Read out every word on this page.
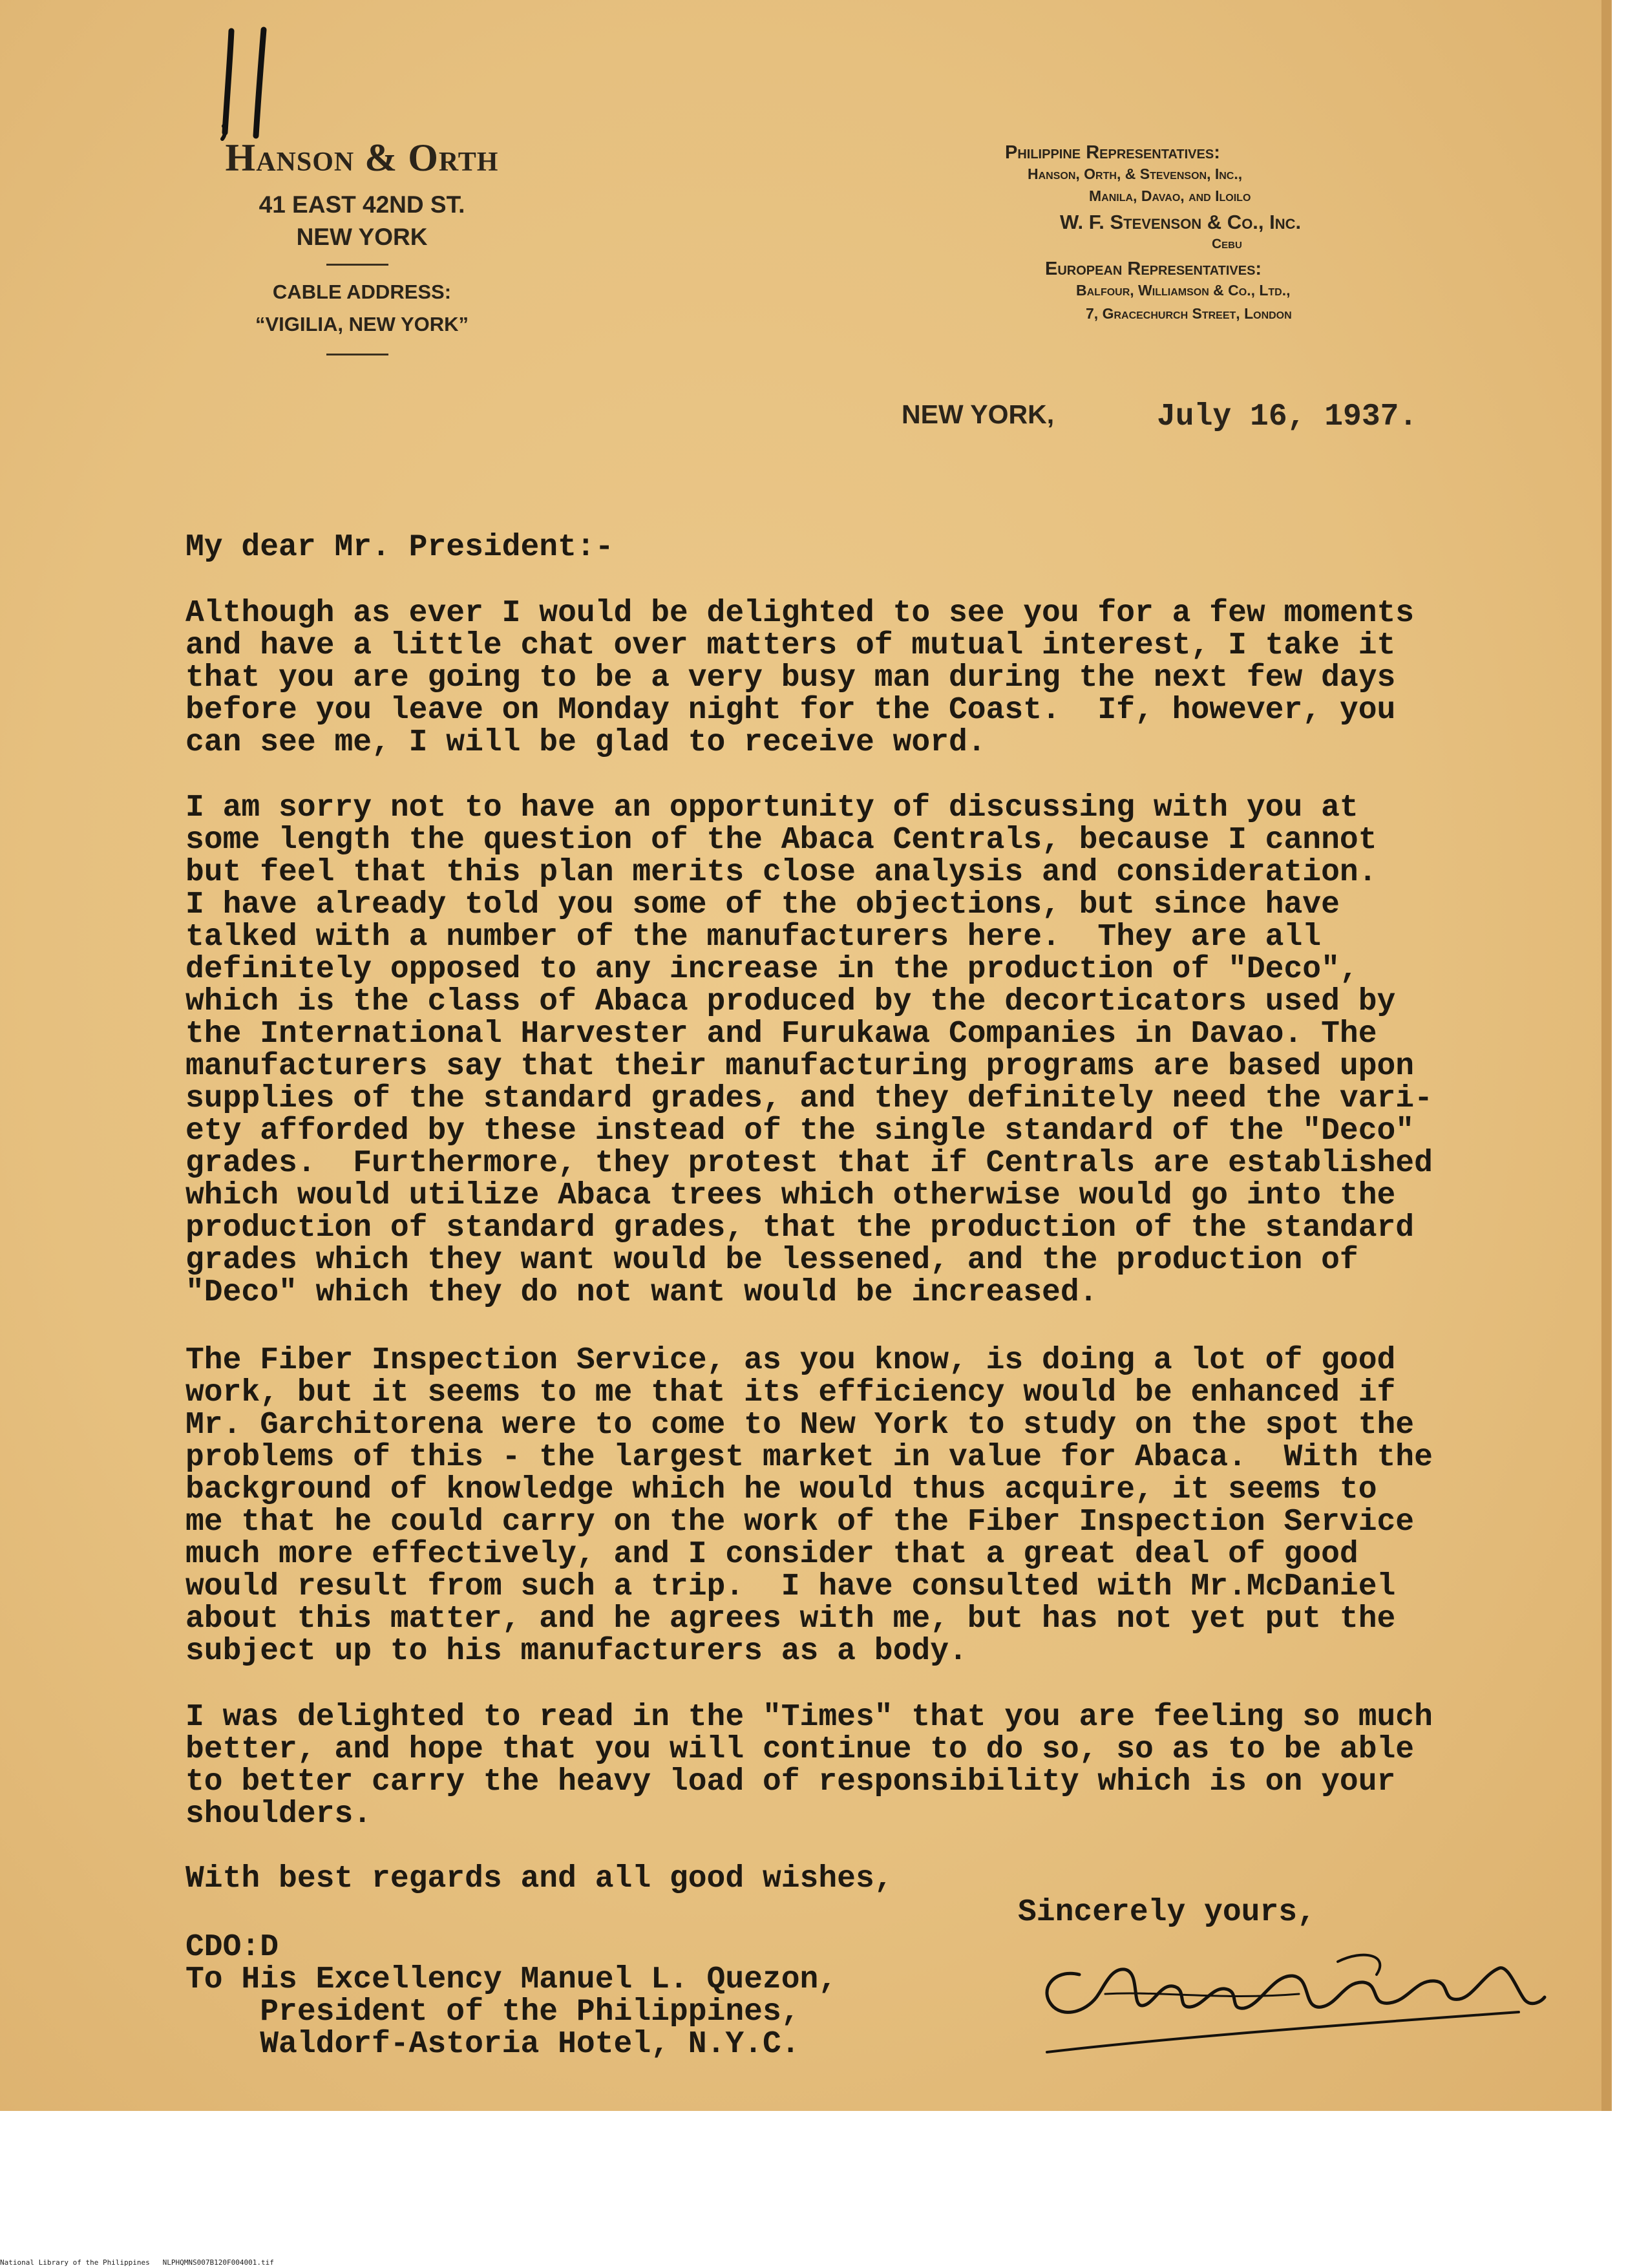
Hanson & Orth
41 EAST 42ND ST.
NEW YORK
CABLE ADDRESS:
“VIGILIA, NEW YORK”
Philippine Representatives:
Hanson, Orth, & Stevenson, Inc.,
Manila, Davao, and Iloilo
W. F. Stevenson & Co., Inc.
Cebu
European Representatives:
Balfour, Williamson & Co., Ltd.,
7, Gracechurch Street, London
NEW YORK,	July 16, 1937.
My dear Mr. President:-
Although as ever I would be delighted to see you for a few moments
and have a little chat over matters of mutual interest, I take it
that you are going to be a very busy man during the next few days
before you leave on Monday night for the Coast.  If, however, you
can see me, I will be glad to receive word.
I am sorry not to have an opportunity of discussing with you at
some length the question of the Abaca Centrals, because I cannot
but feel that this plan merits close analysis and consideration.
I have already told you some of the objections, but since have
talked with a number of the manufacturers here.  They are all
definitely opposed to any increase in the production of "Deco",
which is the class of Abaca produced by the decorticators used by
the International Harvester and Furukawa Companies in Davao. The
manufacturers say that their manufacturing programs are based upon
supplies of the standard grades, and they definitely need the vari-
ety afforded by these instead of the single standard of the "Deco"
grades.  Furthermore, they protest that if Centrals are established
which would utilize Abaca trees which otherwise would go into the
production of standard grades, that the production of the standard
grades which they want would be lessened, and the production of
"Deco" which they do not want would be increased.
The Fiber Inspection Service, as you know, is doing a lot of good
work, but it seems to me that its efficiency would be enhanced if
Mr. Garchitorena were to come to New York to study on the spot the
problems of this - the largest market in value for Abaca.  With the
background of knowledge which he would thus acquire, it seems to
me that he could carry on the work of the Fiber Inspection Service
much more effectively, and I consider that a great deal of good
would result from such a trip.  I have consulted with Mr.McDaniel
about this matter, and he agrees with me, but has not yet put the
subject up to his manufacturers as a body.
I was delighted to read in the "Times" that you are feeling so much
better, and hope that you will continue to do so, so as to be able
to better carry the heavy load of responsibility which is on your
shoulders.
With best regards and all good wishes,
Sincerely yours,
CDO:D
To His Excellency Manuel L. Quezon,
President of the Philippines,
Waldorf-Astoria Hotel, N.Y.C.
National Library of the Philippines NLPHQMNS007B120F004001.tif
